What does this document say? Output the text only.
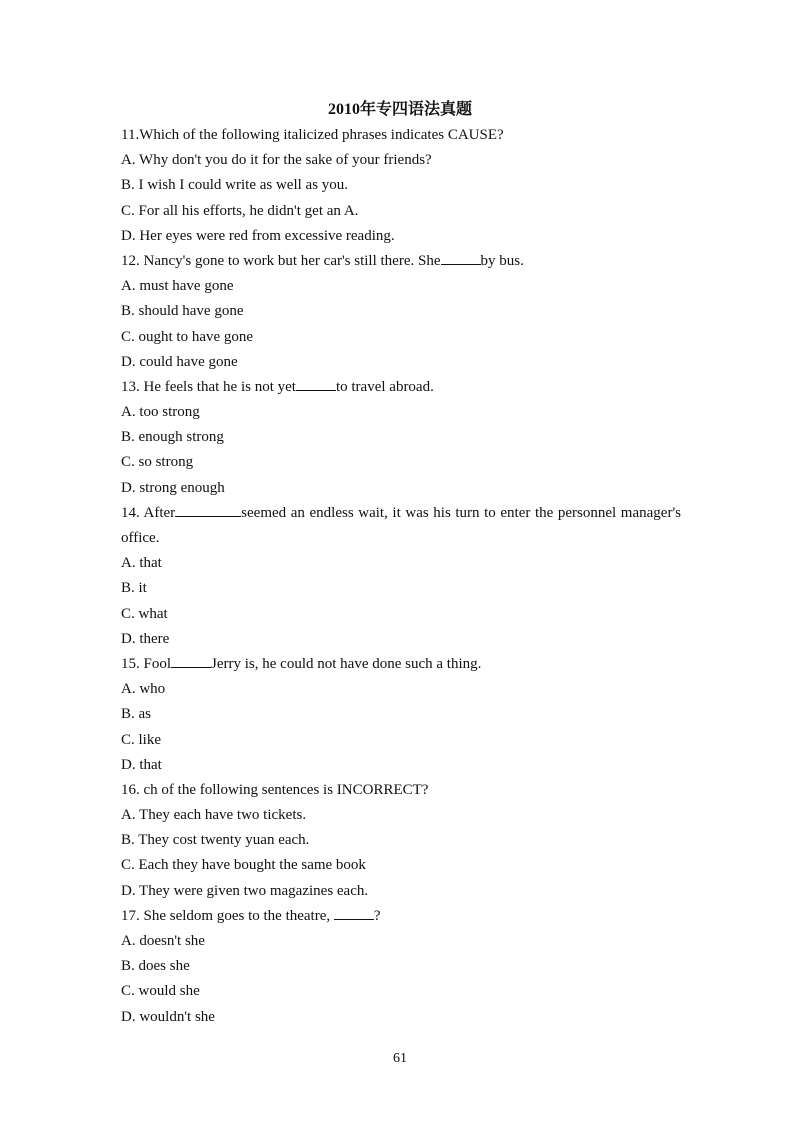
2010年专四语法真题
11.Which of the following italicized phrases indicates CAUSE?
A. Why don't you do it for the sake of your friends?
B. I wish I could write as well as you.
C. For all his efforts, he didn't get an A.
D. Her eyes were red from excessive reading.
12. Nancy's gone to work but her car's still there. She	by bus.
A. must have gone
B. should have gone
C. ought to have gone
D. could have gone
13. He feels that he is not yet	to travel abroad.
A. too strong
B. enough strong
C. so strong
D. strong enough
14. After	seemed an endless wait, it was his turn to enter the personnel manager's office.
A. that
B. it
C. what
D. there
15. Fool	Jerry is, he could not have done such a thing.
A. who
B. as
C. like
D. that
16. ch of the following sentences is INCORRECT?
A. They each have two tickets.
B. They cost twenty yuan each.
C. Each they have bought the same book
D. They were given two magazines each.
17. She seldom goes to the theatre,	?
A. doesn't she
B. does she
C. would she
D. wouldn't she
61
